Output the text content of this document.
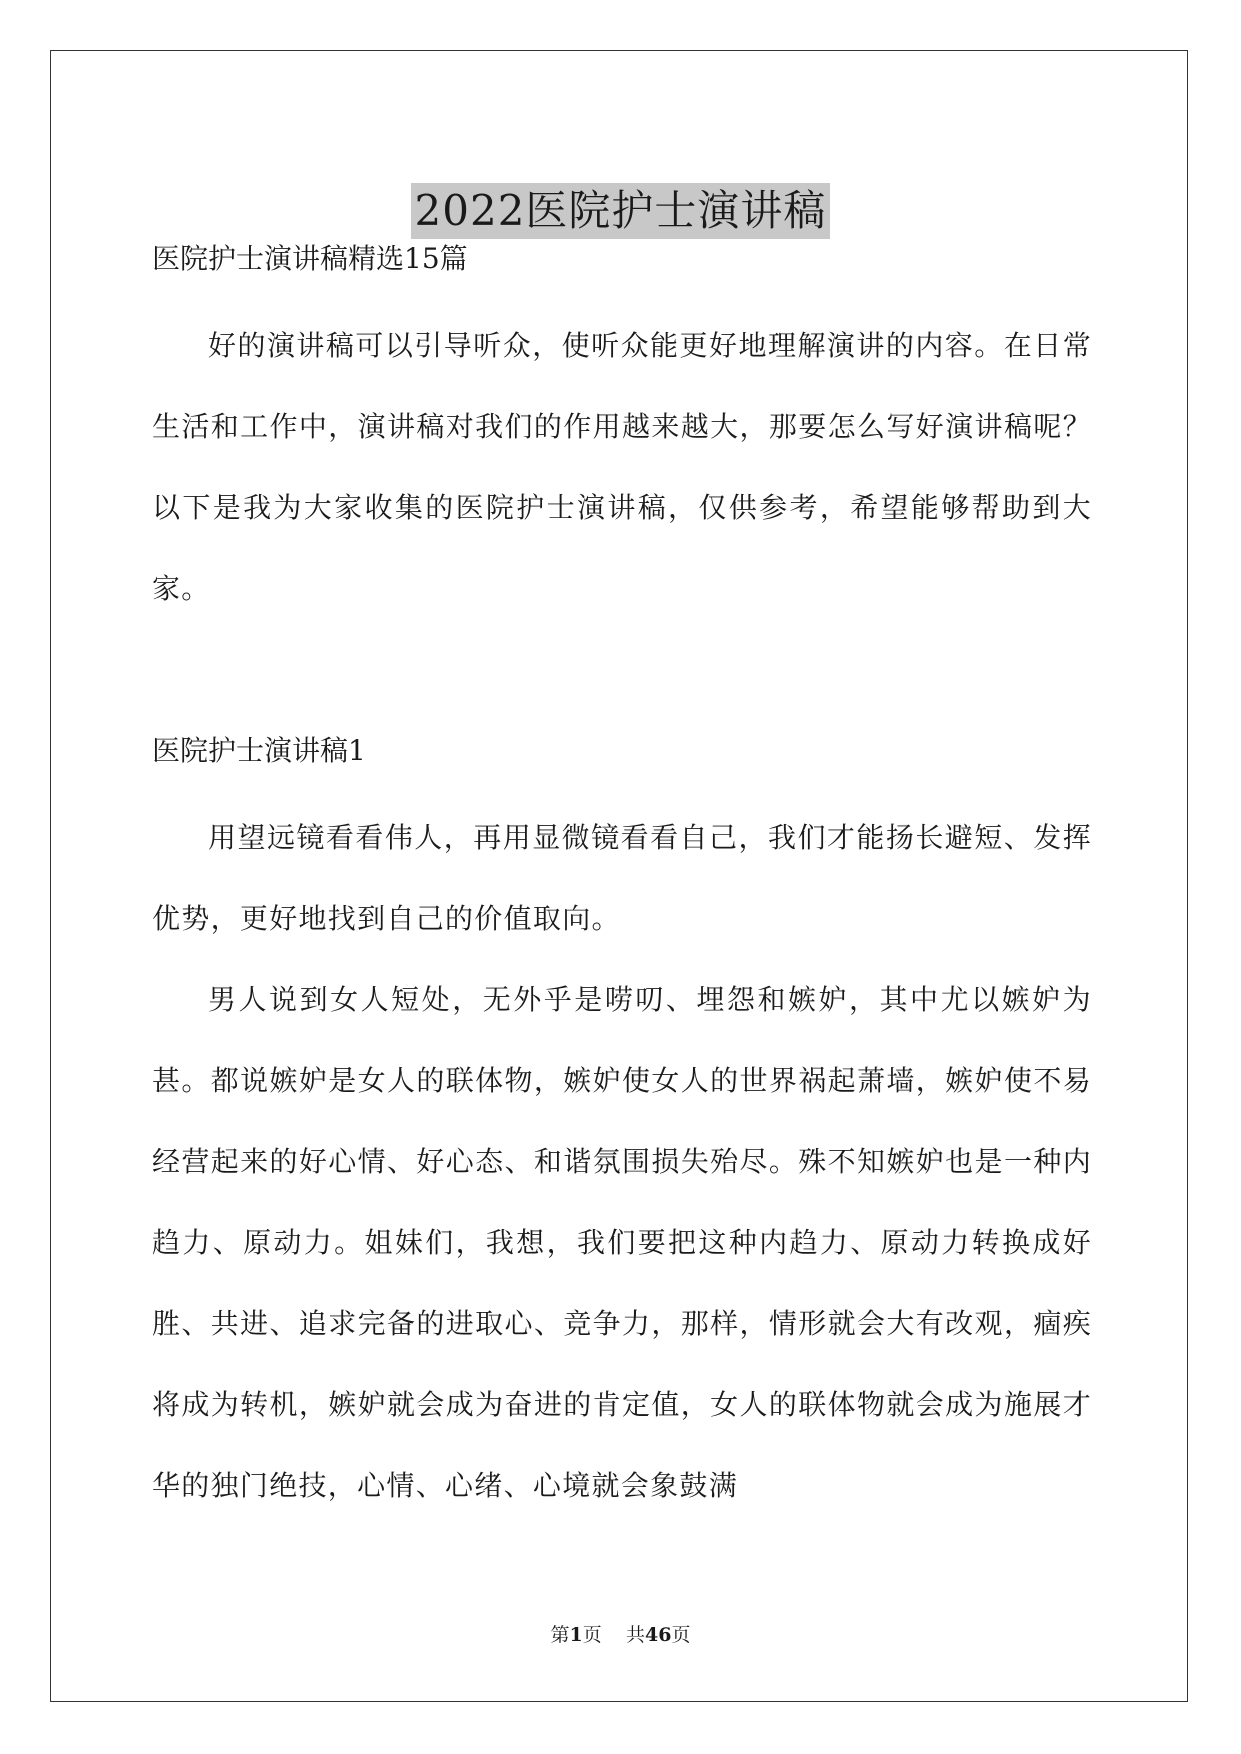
2022医院护士演讲稿
医院护士演讲稿精选15篇

好的演讲稿可以引导听众，使听众能更好地理解演讲的内容。在日常生活和工作中，演讲稿对我们的作用越来越大，那要怎么写好演讲稿呢？以下是我为大家收集的医院护士演讲稿，仅供参考，希望能够帮助到大家。

医院护士演讲稿1

用望远镜看看伟人，再用显微镜看看自己，我们才能扬长避短、发挥优势，更好地找到自己的价值取向。

男人说到女人短处，无外乎是唠叨、埋怨和嫉妒，其中尤以嫉妒为甚。都说嫉妒是女人的联体物，嫉妒使女人的世界祸起萧墙，嫉妒使不易经营起来的好心情、好心态、和谐氛围损失殆尽。殊不知嫉妒也是一种内趋力、原动力。姐妹们，我想，我们要把这种内趋力、原动力转换成好胜、共进、追求完备的进取心、竞争力，那样，情形就会大有改观，痼疾将成为转机，嫉妒就会成为奋进的肯定值，女人的联体物就会成为施展才华的独门绝技，心情、心绪、心境就会象鼓满

第1页 共46页
